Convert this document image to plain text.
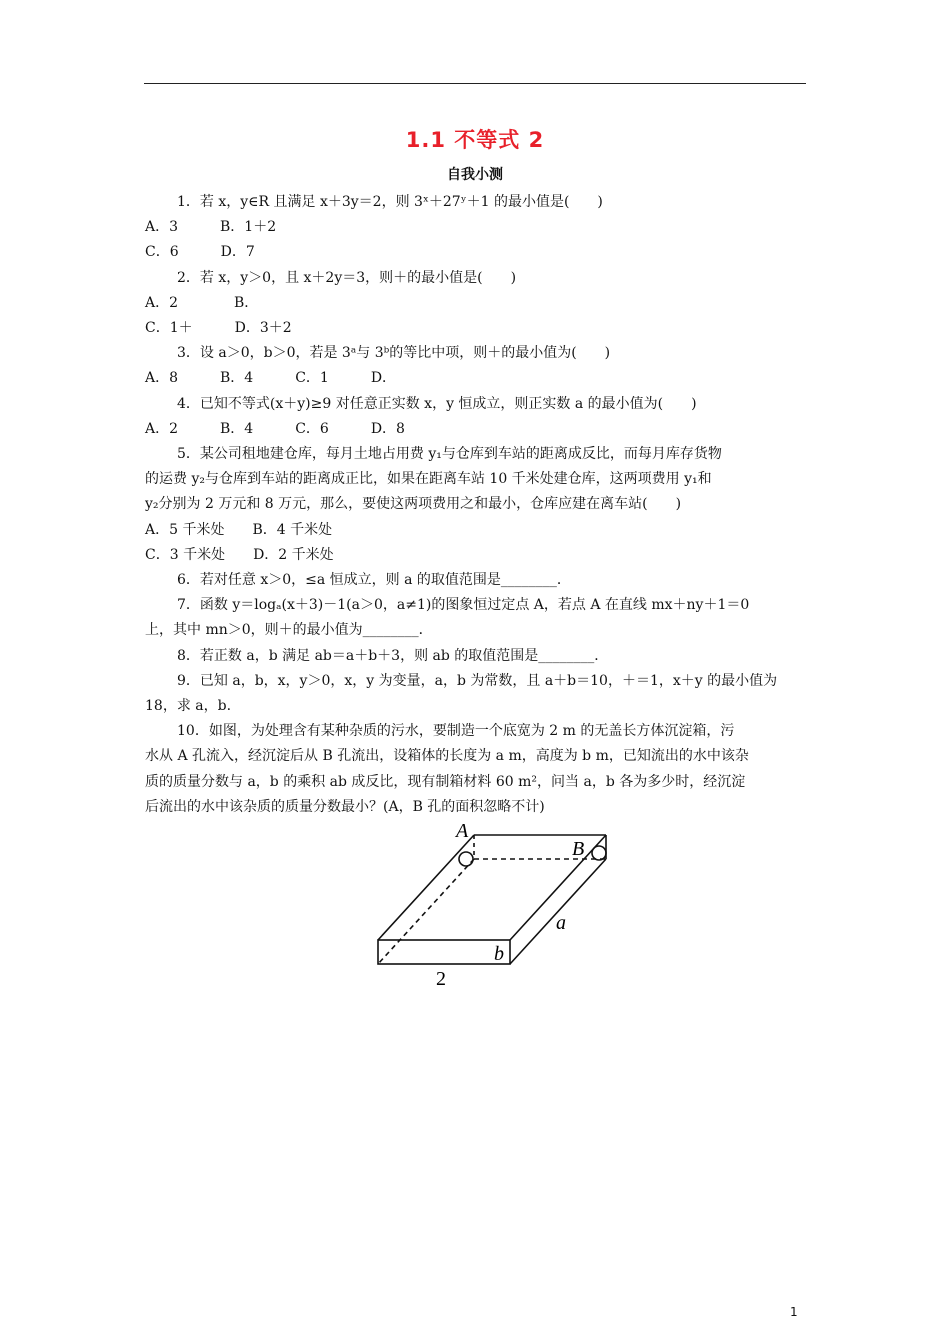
1.1 不等式 2
自我小测

1．若 x，y∈R 且满足 x＋3y＝2，则 3ˣ＋27ʸ＋1 的最小值是(　　)

A．3　　　B．1＋2

C．6　　　D．7

2．若 x，y＞0，且 x＋2y＝3，则＋的最小值是(　　)

A．2　　　　B．

C．1＋　　　D．3＋2

3．设 a＞0，b＞0，若是 3ᵃ与 3ᵇ的等比中项，则＋的最小值为(　　)

A．8　　　B．4　　　C．1　　　D．

4．已知不等式(x＋y)≥9 对任意正实数 x，y 恒成立，则正实数 a 的最小值为(　　)

A．2　　　B．4　　　C．6　　　D．8

5．某公司租地建仓库，每月土地占用费 y₁与仓库到车站的距离成反比，而每月库存货物

的运费 y₂与仓库到车站的距离成正比，如果在距离车站 10 千米处建仓库，这两项费用 y₁和

y₂分别为 2 万元和 8 万元，那么，要使这两项费用之和最小，仓库应建在离车站(　　)

A．5 千米处　　B．4 千米处

C．3 千米处　　D．2 千米处

6．若对任意 x＞0，≤a 恒成立，则 a 的取值范围是________．

7．函数 y＝logₐ(x＋3)－1(a＞0，a≠1)的图象恒过定点 A，若点 A 在直线 mx＋ny＋1＝0

上，其中 mn＞0，则＋的最小值为________．

8．若正数 a，b 满足 ab＝a＋b＋3，则 ab 的取值范围是________．

9．已知 a，b，x，y＞0，x，y 为变量，a，b 为常数，且 a＋b＝10，＋＝1，x＋y 的最小值为

18，求 a，b.

10．如图，为处理含有某种杂质的污水，要制造一个底宽为 2 m 的无盖长方体沉淀箱，污

水从 A 孔流入，经沉淀后从 B 孔流出，设箱体的长度为 a m，高度为 b m，已知流出的水中该杂

质的质量分数与 a，b 的乘积 ab 成反比，现有制箱材料 60 m²，问当 a，b 各为多少时，经沉淀

后流出的水中该杂质的质量分数最小？(A，B 孔的面积忽略不计)

A
B
a
b
2
1
